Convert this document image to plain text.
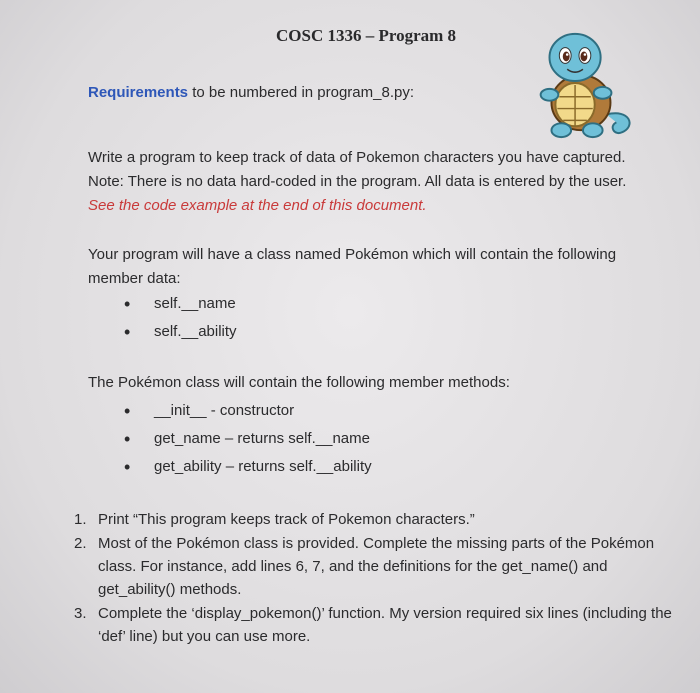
COSC 1336 – Program 8
Requirements to be numbered in program_8.py:
Write a program to keep track of data of Pokemon characters you have captured. Note: There is no data hard-coded in the program. All data is entered by the user. See the code example at the end of this document.
Your program will have a class named Pokémon which will contain the following member data:
• self.__name
• self.__ability
The Pokémon class will contain the following member methods:
• __init__ - constructor
• get_name – returns self.__name
• get_ability – returns self.__ability
1. Print “This program keeps track of Pokemon characters.”
2. Most of the Pokémon class is provided. Complete the missing parts of the Pokémon class. For instance, add lines 6, 7, and the definitions for the get_name() and get_ability() methods.
3. Complete the ‘display_pokemon()’ function. My version required six lines (including the ‘def’ line) but you can use more.
